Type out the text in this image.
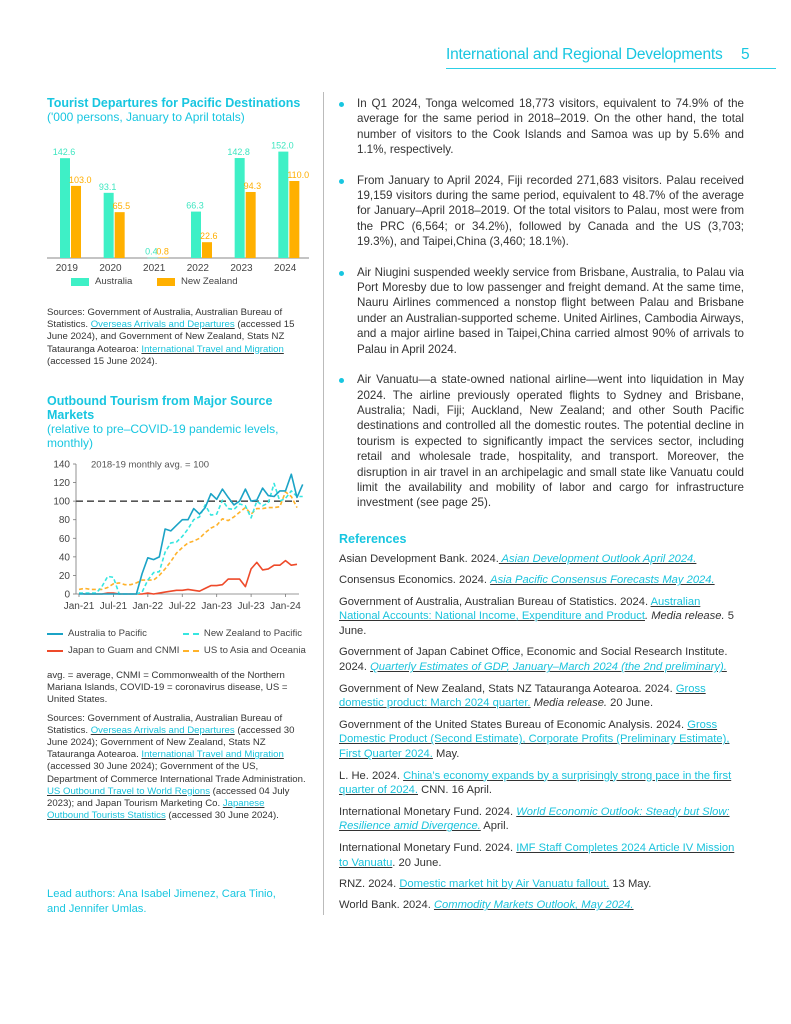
International and Regional Developments 5
Tourist Departures for Pacific Destinations
('000 persons, January to April totals)
142.6
103.0
2019
93.1
65.5
2020
0.4
0.8
2021
66.3
22.6
2022
142.8
94.3
2023
152.0
110.0
2024
Australia	New Zealand
Sources: Government of Australia, Australian Bureau of Statistics. Overseas Arrivals and Departures (accessed 15 June 2024), and Government of New Zealand, Stats NZ Tatauranga Aotearoa: International Travel and Migration (accessed 15 June 2024).
Outbound Tourism from Major Source Markets
(relative to pre–COVID-19 pandemic levels, monthly)
0
20
40
60
80
100
120
140
Jan-21 Jul-21 Jan-22 Jul-22 Jan-23 Jul-23 Jan-24
2018-19 monthly avg. = 100
Australia to Pacific	New Zealand to Pacific
Japan to Guam and CNMI	US to Asia and Oceania
avg. = average, CNMI = Commonwealth of the Northern Mariana Islands, COVID-19 = coronavirus disease, US = United States.
Sources: Government of Australia, Australian Bureau of Statistics. Overseas Arrivals and Departures (accessed 30 June 2024); Government of New Zealand, Stats NZ Tatauranga Aotearoa. International Travel and Migration (accessed 30 June 2024); Government of the US, Department of Commerce International Trade Administration. US Outbound Travel to World Regions (accessed 04 July 2023); and Japan Tourism Marketing Co. Japanese Outbound Tourists Statistics (accessed 30 June 2024).
Lead authors: Ana Isabel Jimenez, Cara Tinio, and Jennifer Umlas.
In Q1 2024, Tonga welcomed 18,773 visitors, equivalent to 74.9% of the average for the same period in 2018–2019. On the other hand, the total number of visitors to the Cook Islands and Samoa was up by 5.6% and 1.1%, respectively.
From January to April 2024, Fiji recorded 271,683 visitors. Palau received 19,159 visitors during the same period, equivalent to 48.7% of the average for January–April 2018–2019. Of the total visitors to Palau, most were from the PRC (6,564; or 34.2%), followed by Canada and the US (3,703; 19.3%), and Taipei,China (3,460; 18.1%).
Air Niugini suspended weekly service from Brisbane, Australia, to Palau via Port Moresby due to low passenger and freight demand. At the same time, Nauru Airlines commenced a nonstop flight between Palau and Brisbane under an Australian-supported scheme. United Airlines, Cambodia Airways, and a major airline based in Taipei,China carried almost 90% of arrivals to Palau in April 2024.
Air Vanuatu—a state-owned national airline—went into liquidation in May 2024. The airline previously operated flights to Sydney and Brisbane, Australia; Nadi, Fiji; Auckland, New Zealand; and other South Pacific destinations and controlled all the domestic routes. The potential decline in tourism is expected to significantly impact the services sector, including retail and wholesale trade, hospitality, and transport. Moreover, the disruption in air travel in an archipelagic and small state like Vanuatu could limit the availability and mobility of labor and cargo for infrastructure investment (see page 25).
References
Asian Development Bank. 2024. Asian Development Outlook April 2024.
Consensus Economics. 2024. Asia Pacific Consensus Forecasts May 2024.
Government of Australia, Australian Bureau of Statistics. 2024. Australian National Accounts: National Income, Expenditure and Product. Media release. 5 June.
Government of Japan Cabinet Office, Economic and Social Research Institute. 2024. Quarterly Estimates of GDP, January–March 2024 (the 2nd preliminary).
Government of New Zealand, Stats NZ Tatauranga Aotearoa. 2024. Gross domestic product: March 2024 quarter. Media release. 20 June.
Government of the United States Bureau of Economic Analysis. 2024. Gross Domestic Product (Second Estimate), Corporate Profits (Preliminary Estimate), First Quarter 2024. May.
L. He. 2024. China’s economy expands by a surprisingly strong pace in the first quarter of 2024. CNN. 16 April.
International Monetary Fund. 2024. World Economic Outlook: Steady but Slow: Resilience amid Divergence. April.
International Monetary Fund. 2024. IMF Staff Completes 2024 Article IV Mission to Vanuatu. 20 June.
RNZ. 2024. Domestic market hit by Air Vanuatu fallout. 13 May.
World Bank. 2024. Commodity Markets Outlook, May 2024.
